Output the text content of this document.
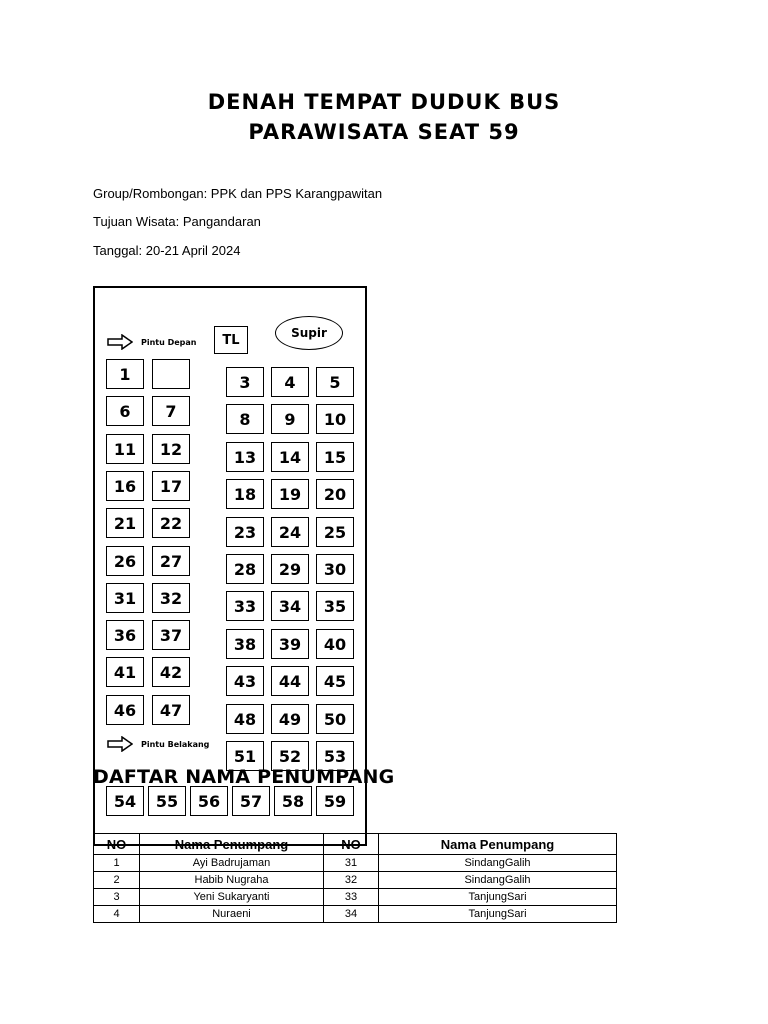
DENAH TEMPAT DUDUK BUS
PARAWISATA SEAT 59
Group/Rombongan: PPK dan PPS Karangpawitan
Tujuan Wisata: Pangandaran
Tanggal: 20-21 April 2024
Pintu Depan	TL	Supir
Pintu Belakang
1
6	7
11	12
16	17
21	22
26	27
31	32
36	37
41	42
46	47
3	4	5
8	9	10
13	14	15
18	19	20
23	24	25
28	29	30
33	34	35
38	39	40
43	44	45
48	49	50
51	52	53
54	55	56	57	58	59
DAFTAR NAMA PENUMPANG
NO	Nama Penumpang	NO	Nama Penumpang
1	Ayi Badrujaman	31	SindangGalih
2	Habib Nugraha	32	SindangGalih
3	Yeni Sukaryanti	33	TanjungSari
4	Nuraeni	34	TanjungSari
